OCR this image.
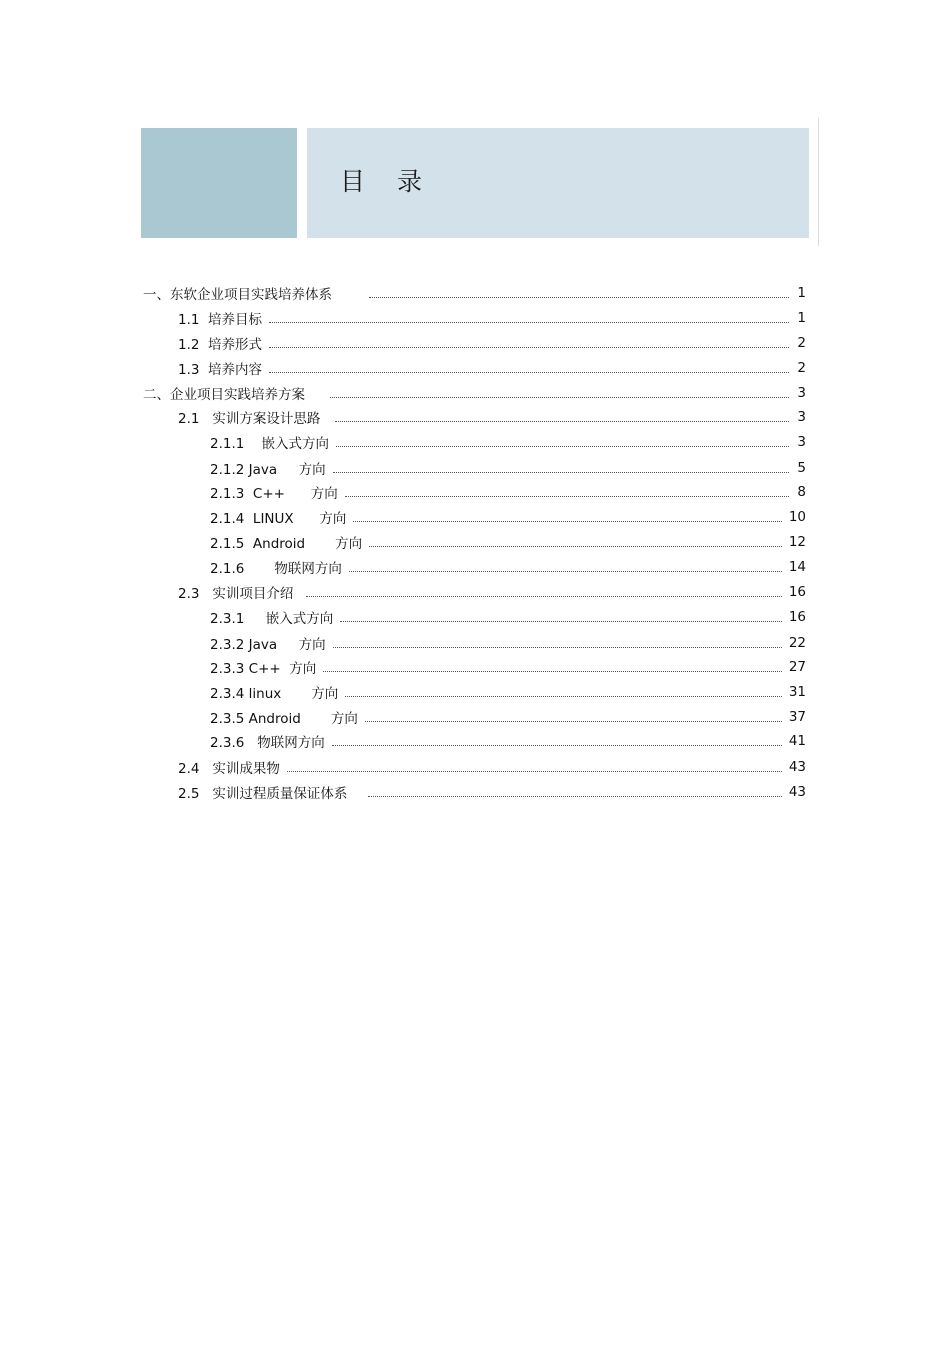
目 录
一、东软企业项目实践培养体系	1
1.1  培养目标	1
1.2  培养形式	2
1.3  培养内容	2
二、企业项目实践培养方案	3
2.1   实训方案设计思路	3
2.1.1    嵌入式方向	3
2.1.2 Java     方向	5
2.1.3  C++      方向	8
2.1.4  LINUX      方向	10
2.1.5  Android       方向	12
2.1.6       物联网方向	14
2.3   实训项目介绍	16
2.3.1     嵌入式方向	16
2.3.2 Java     方向	22
2.3.3 C++  方向	27
2.3.4 linux       方向	31
2.3.5 Android       方向	37
2.3.6   物联网方向	41
2.4   实训成果物	43
2.5   实训过程质量保证体系	43
